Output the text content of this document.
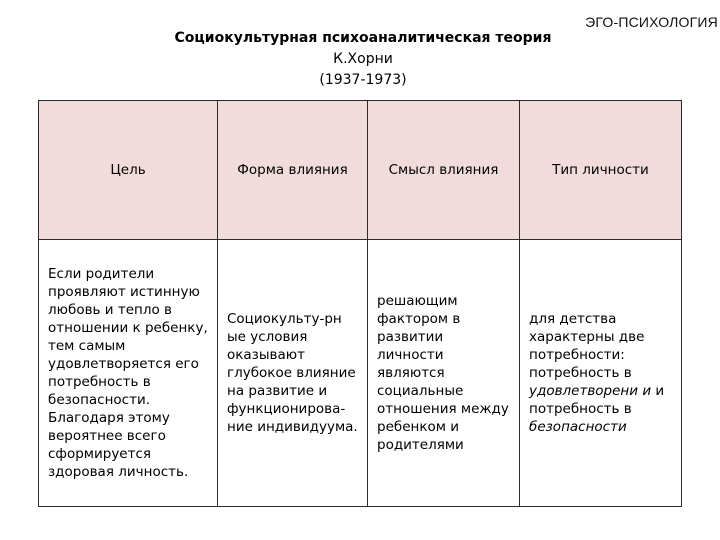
ЭГО-ПСИХОЛОГИЯ
Социокультурная психоаналитическая теория
К.Хорни
(1937-1973)
Цель	Форма влияния	Смысл влияния	Тип личности
Если родители проявляют истинную любовь и тепло в отношении к ребенку, тем самым удовлетворяется его потребность в безопасности. Благодаря этому вероятнее всего сформируется здоровая личность.	Социокульту-рн ые условия оказывают глубокое влияние на развитие и функционирова-ние индивидуума.	решающим фактором в развитии личности являются социальные отношения между ребенком и родителями	для детства характерны две потребности: потребность в удовлетворени и и потребность в безопасности
